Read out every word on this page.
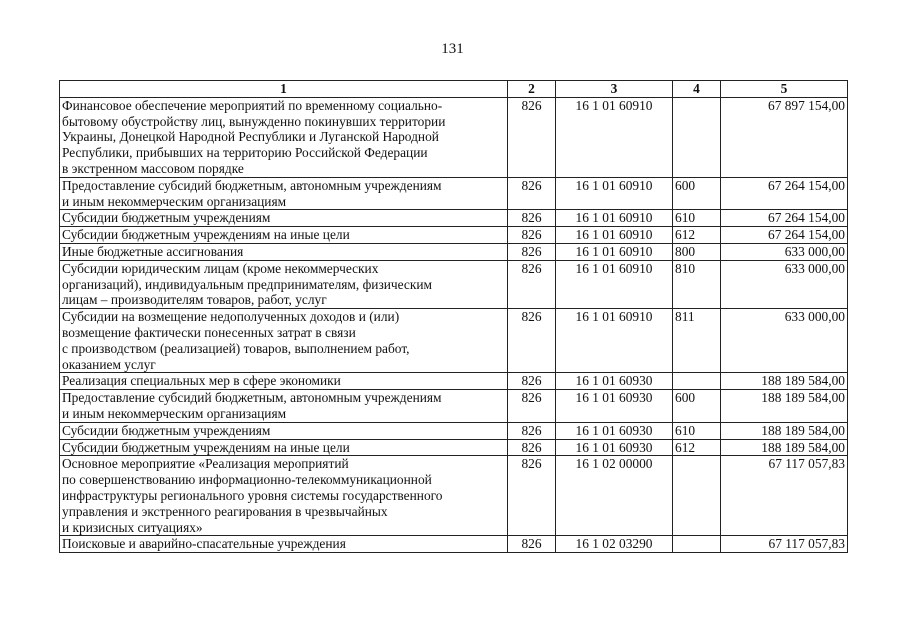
131
1	2	3	4	5

Финансовое обеспечение мероприятий по временному социально-
бытовому обустройству лиц, вынужденно покинувших территории
Украины, Донецкой Народной Республики и Луганской Народной
Республики, прибывших на территорию Российской Федерации
в экстренном массовом порядке	826	16 1 01 60910		67 897 154,00

Предоставление субсидий бюджетным, автономным учреждениям
и иным некоммерческим организациям	826	16 1 01 60910	600	67 264 154,00

Субсидии бюджетным учреждениям	826	16 1 01 60910	610	67 264 154,00

Субсидии бюджетным учреждениям на иные цели	826	16 1 01 60910	612	67 264 154,00

Иные бюджетные ассигнования	826	16 1 01 60910	800	633 000,00

Субсидии юридическим лицам (кроме некоммерческих
организаций), индивидуальным предпринимателям, физическим
лицам – производителям товаров, работ, услуг	826	16 1 01 60910	810	633 000,00

Субсидии на возмещение недополученных доходов и (или)
возмещение фактически понесенных затрат в связи
с производством (реализацией) товаров, выполнением работ,
оказанием услуг	826	16 1 01 60910	811	633 000,00

Реализация специальных мер в сфере экономики	826	16 1 01 60930		188 189 584,00

Предоставление субсидий бюджетным, автономным учреждениям
и иным некоммерческим организациям	826	16 1 01 60930	600	188 189 584,00

Субсидии бюджетным учреждениям	826	16 1 01 60930	610	188 189 584,00

Субсидии бюджетным учреждениям на иные цели	826	16 1 01 60930	612	188 189 584,00

Основное мероприятие «Реализация мероприятий
по совершенствованию информационно-телекоммуникационной
инфраструктуры регионального уровня системы государственного
управления и экстренного реагирования в чрезвычайных
и кризисных ситуациях»	826	16 1 02 00000		67 117 057,83

Поисковые и аварийно-спасательные учреждения	826	16 1 02 03290		67 117 057,83
